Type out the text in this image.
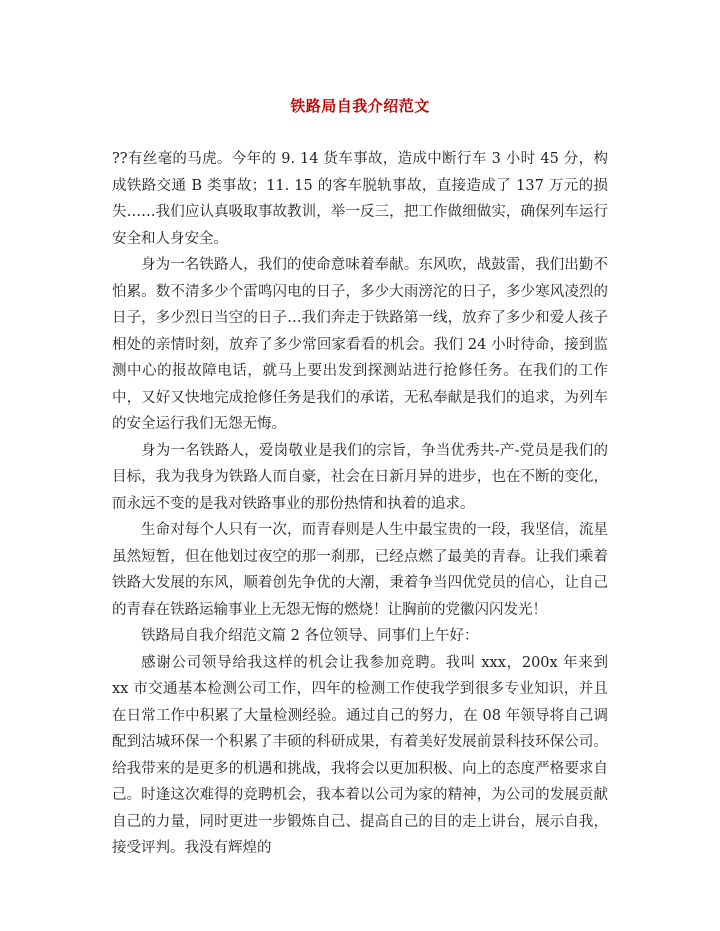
铁路局自我介绍范文

??有丝毫的马虎。今年的 9. 14 货车事故，造成中断行车 3 小时 45 分，构成铁路交通 B 类事故；11. 15 的客车脱轨事故，直接造成了 137 万元的损失……我们应认真吸取事故教训，举一反三，把工作做细做实，确保列车运行安全和人身安全。

身为一名铁路人，我们的使命意味着奉献。东风吹，战鼓雷，我们出勤不怕累。数不清多少个雷鸣闪电的日子，多少大雨滂沱的日子，多少寒风凌烈的日子，多少烈日当空的日子…我们奔走于铁路第一线，放弃了多少和爱人孩子相处的亲情时刻，放弃了多少常回家看看的机会。我们 24 小时待命，接到监测中心的报故障电话，就马上要出发到探测站进行抢修任务。在我们的工作中，又好又快地完成抢修任务是我们的承诺，无私奉献是我们的追求，为列车的安全运行我们无怨无悔。

身为一名铁路人，爱岗敬业是我们的宗旨，争当优秀共-产-党员是我们的目标，我为我身为铁路人而自豪，社会在日新月异的进步，也在不断的变化，而永远不变的是我对铁路事业的那份热情和执着的追求。

生命对每个人只有一次，而青春则是人生中最宝贵的一段，我坚信，流星虽然短暂，但在他划过夜空的那一刹那，已经点燃了最美的青春。让我们乘着铁路大发展的东风，顺着创先争优的大潮，秉着争当四优党员的信心，让自己的青春在铁路运输事业上无怨无悔的燃烧！让胸前的党徽闪闪发光！

铁路局自我介绍范文篇 2 各位领导、同事们上午好：

感谢公司领导给我这样的机会让我参加竞聘。我叫 xxx，200x 年来到 xx 市交通基本检测公司工作，四年的检测工作使我学到很多专业知识，并且在日常工作中积累了大量检测经验。通过自己的努力，在 08 年领导将自己调配到沽城环保一个积累了丰硕的科研成果，有着美好发展前景科技环保公司。给我带来的是更多的机遇和挑战，我将会以更加积极、向上的态度严格要求自己。时逢这次难得的竞聘机会，我本着以公司为家的精神，为公司的发展贡献自己的力量，同时更进一步锻炼自己、提高自己的目的走上讲台，展示自我，接受评判。我没有辉煌的
